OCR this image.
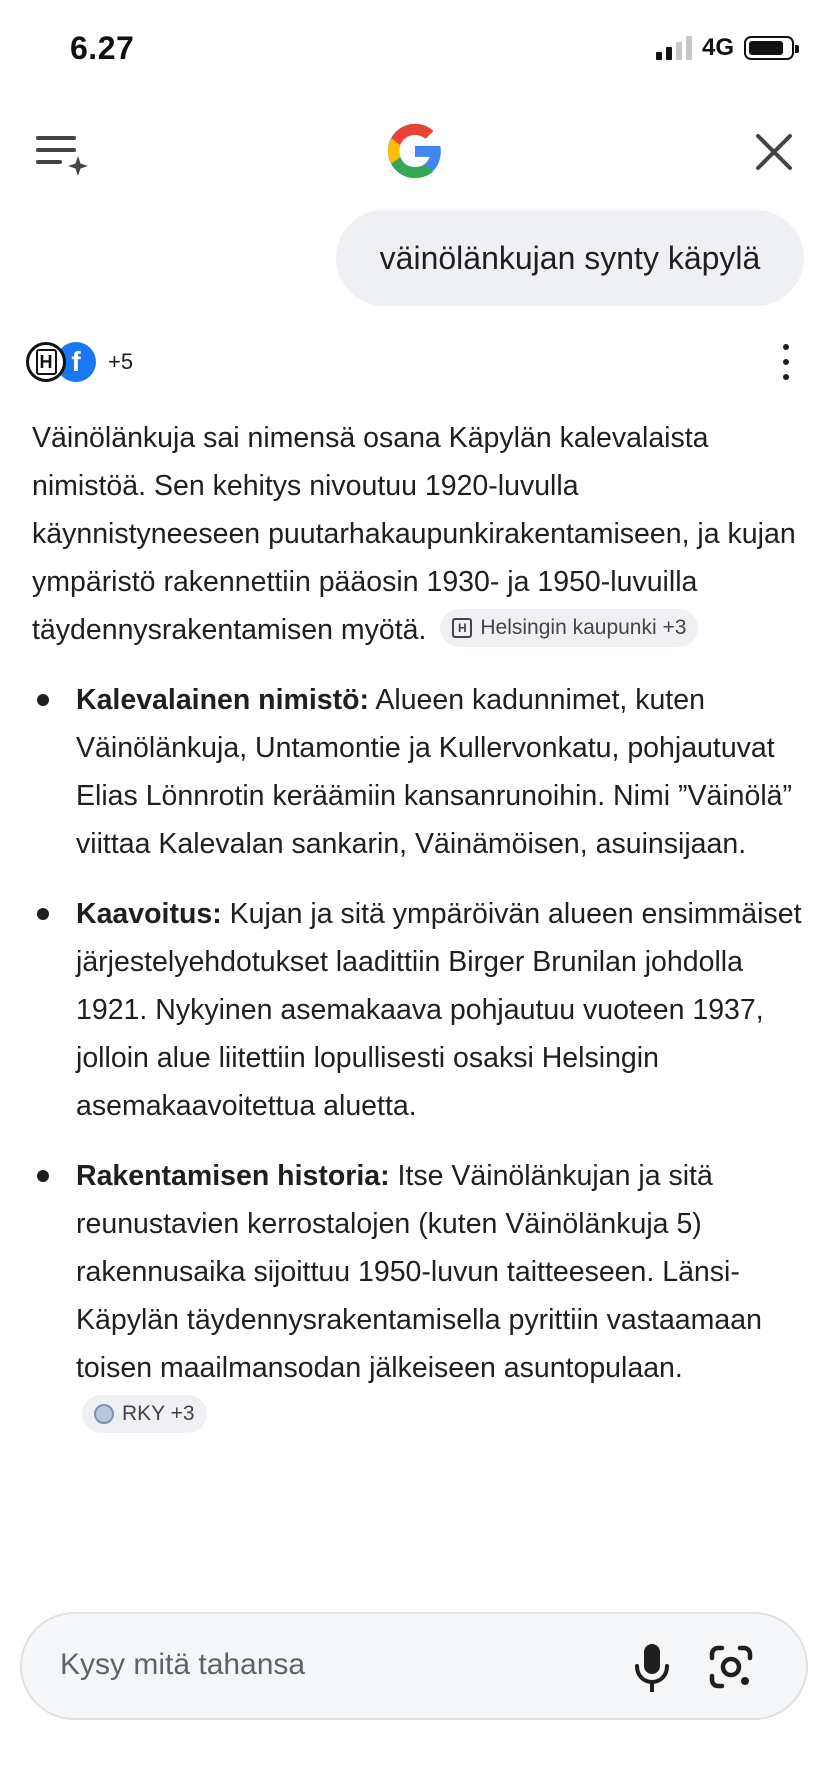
6.27	4G
väinölänkujan synty käpylä
H f	+5

Väinölänkuja sai nimensä osana Käpylän kalevalaista nimistöä. Sen kehitys nivoutuu 1920-luvulla käynnistyneeseen puutarhakaupunkirakentamiseen, ja kujan ympäristö rakennettiin pääosin 1930- ja 1950-luvuilla täydennysrakentamisen myötä.	H Helsingin kaupunki +3

Kalevalainen nimistö: Alueen kadunnimet, kuten Väinölänkuja, Untamontie ja Kullervonkatu, pohjautuvat Elias Lönnrotin keräämiin kansanrunoihin. Nimi ”Väinölä” viittaa Kalevalan sankarin, Väinämöisen, asuinsijaan.
Kaavoitus: Kujan ja sitä ympäröivän alueen ensimmäiset järjestelyehdotukset laadittiin Birger Brunilan johdolla 1921. Nykyinen asemakaava pohjautuu vuoteen 1937, jolloin alue liitettiin lopullisesti osaksi Helsingin asemakaavoitettua aluetta.
Rakentamisen historia: Itse Väinölänkujan ja sitä reunustavien kerrostalojen (kuten Väinölänkuja 5) rakennusaika sijoittuu 1950-luvun taitteeseen. Länsi-Käpylän täydennysrakentamisella pyrittiin vastaamaan toisen maailmansodan jälkeiseen asuntopulaan.
RKY +3
Kysy mitä tahansa
